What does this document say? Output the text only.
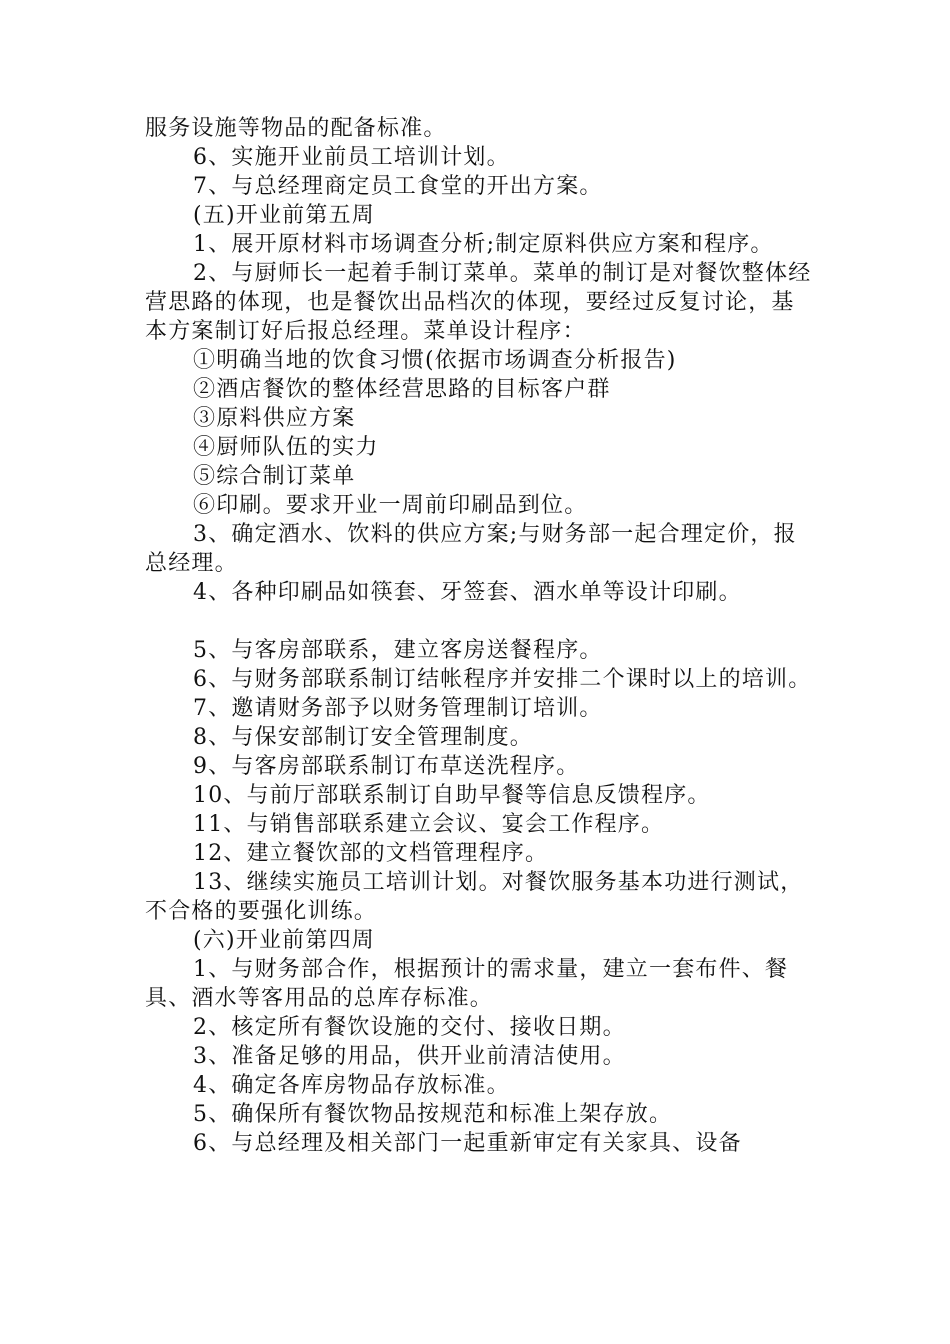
服务设施等物品的配备标准。

6、实施开业前员工培训计划。

7、与总经理商定员工食堂的开出方案。

(五)开业前第五周

1、展开原材料市场调查分析;制定原料供应方案和程序。

2、与厨师长一起着手制订菜单。菜单的制订是对餐饮整体经营思路的体现，也是餐饮出品档次的体现，要经过反复讨论，基本方案制订好后报总经理。菜单设计程序：

①明确当地的饮食习惯(依据市场调查分析报告)

②酒店餐饮的整体经营思路的目标客户群

③原料供应方案

④厨师队伍的实力

⑤综合制订菜单

⑥印刷。要求开业一周前印刷品到位。

3、确定酒水、饮料的供应方案;与财务部一起合理定价，报总经理。

4、各种印刷品如筷套、牙签套、酒水单等设计印刷。

5、与客房部联系，建立客房送餐程序。

6、与财务部联系制订结帐程序并安排二个课时以上的培训。

7、邀请财务部予以财务管理制订培训。

8、与保安部制订安全管理制度。

9、与客房部联系制订布草送洗程序。

10、与前厅部联系制订自助早餐等信息反馈程序。

11、与销售部联系建立会议、宴会工作程序。

12、建立餐饮部的文档管理程序。

13、继续实施员工培训计划。对餐饮服务基本功进行测试，不合格的要强化训练。

(六)开业前第四周

1、与财务部合作，根据预计的需求量，建立一套布件、餐具、酒水等客用品的总库存标准。

2、核定所有餐饮设施的交付、接收日期。

3、准备足够的用品，供开业前清洁使用。

4、确定各库房物品存放标准。

5、确保所有餐饮物品按规范和标准上架存放。

6、与总经理及相关部门一起重新审定有关家具、设备
